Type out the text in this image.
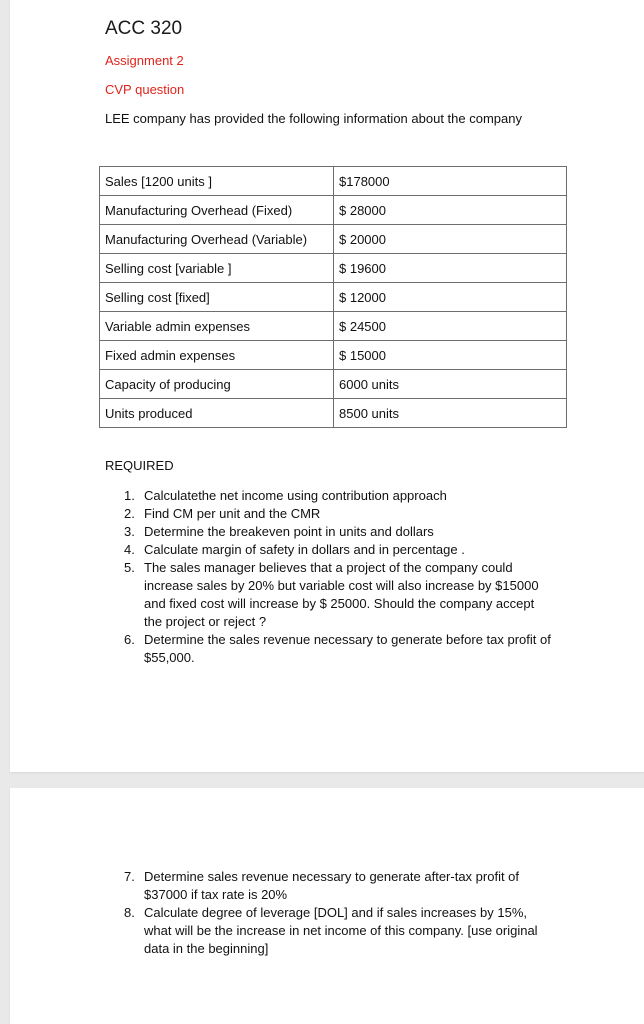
ACC 320
Assignment 2
CVP question
LEE company has provided the following information about the company
Sales [1200 units ]	$178000
Manufacturing Overhead (Fixed)	$ 28000
Manufacturing Overhead (Variable)	$ 20000
Selling cost [variable ]	$ 19600
Selling cost [fixed]	$ 12000
Variable admin expenses	$ 24500
Fixed admin expenses	$ 15000
Capacity of producing	6000 units
Units produced	8500 units
REQUIRED
1. Calculatethe net income using contribution approach
2. Find CM per unit and the CMR
3. Determine the breakeven point in units and dollars
4. Calculate margin of safety in dollars and in percentage .
5. The sales manager believes that a project of the company could increase sales by 20% but variable cost will also increase by $15000 and fixed cost will increase by $ 25000. Should the company accept the project or reject ?
6. Determine the sales revenue necessary to generate before tax profit of $55,000.
7. Determine sales revenue necessary to generate after-tax profit of $37000 if tax rate is 20%
8. Calculate degree of leverage [DOL] and if sales increases by 15%, what will be the increase in net income of this company. [use original data in the beginning]
